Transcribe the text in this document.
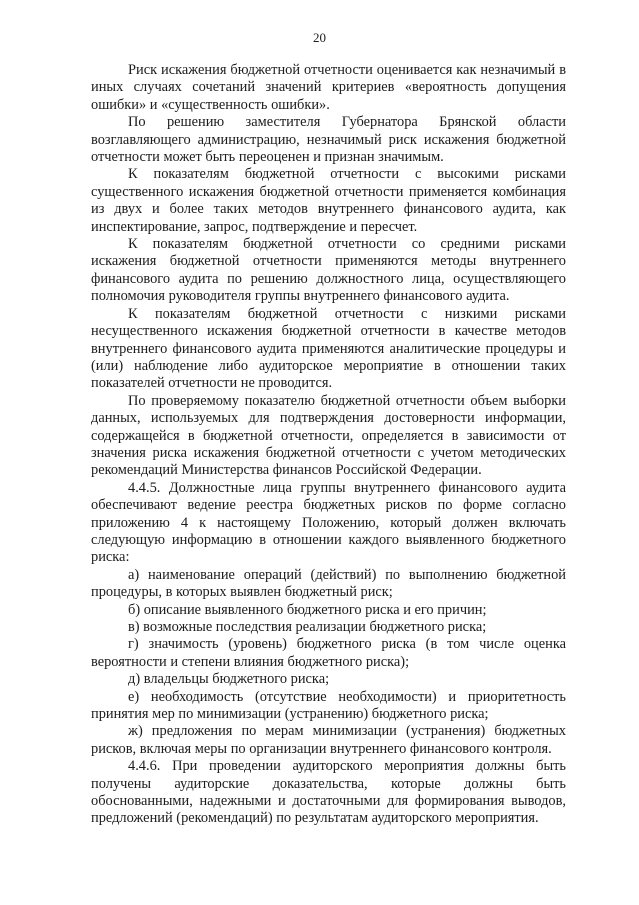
20

Риск искажения бюджетной отчетности оценивается как незначимый в иных случаях сочетаний значений критериев «вероятность допущения ошибки» и «существенность ошибки».

По решению заместителя Губернатора Брянской области возглавляющего администрацию, незначимый риск искажения бюджетной отчетности может быть переоценен и признан значимым.

К показателям бюджетной отчетности с высокими рисками существенного искажения бюджетной отчетности применяется комбинация из двух и более таких методов внутреннего финансового аудита, как инспектирование, запрос, подтверждение и пересчет.

К показателям бюджетной отчетности со средними рисками искажения бюджетной отчетности применяются методы внутреннего финансового аудита по решению должностного лица, осуществляющего полномочия руководителя группы внутреннего финансового аудита.

К показателям бюджетной отчетности с низкими рисками несущественного искажения бюджетной отчетности в качестве методов внутреннего финансового аудита применяются аналитические процедуры и (или) наблюдение либо аудиторское мероприятие в отношении таких показателей отчетности не проводится.

По проверяемому показателю бюджетной отчетности объем выборки данных, используемых для подтверждения достоверности информации, содержащейся в бюджетной отчетности, определяется в зависимости от значения риска искажения бюджетной отчетности с учетом методических рекомендаций Министерства финансов Российской Федерации.

4.4.5. Должностные лица группы внутреннего финансового аудита обеспечивают ведение реестра бюджетных рисков по форме согласно приложению 4 к настоящему Положению, который должен включать следующую информацию в отношении каждого выявленного бюджетного риска:

а) наименование операций (действий) по выполнению бюджетной процедуры, в которых выявлен бюджетный риск;

б) описание выявленного бюджетного риска и его причин;

в) возможные последствия реализации бюджетного риска;

г) значимость (уровень) бюджетного риска (в том числе оценка вероятности и степени влияния бюджетного риска);

д) владельцы бюджетного риска;

е) необходимость (отсутствие необходимости) и приоритетность принятия мер по минимизации (устранению) бюджетного риска;

ж) предложения по мерам минимизации (устранения) бюджетных рисков, включая меры по организации внутреннего финансового контроля.

4.4.6. При проведении аудиторского мероприятия должны быть получены аудиторские доказательства, которые должны быть обоснованными, надежными и достаточными для формирования выводов, предложений (рекомендаций) по результатам аудиторского мероприятия.
